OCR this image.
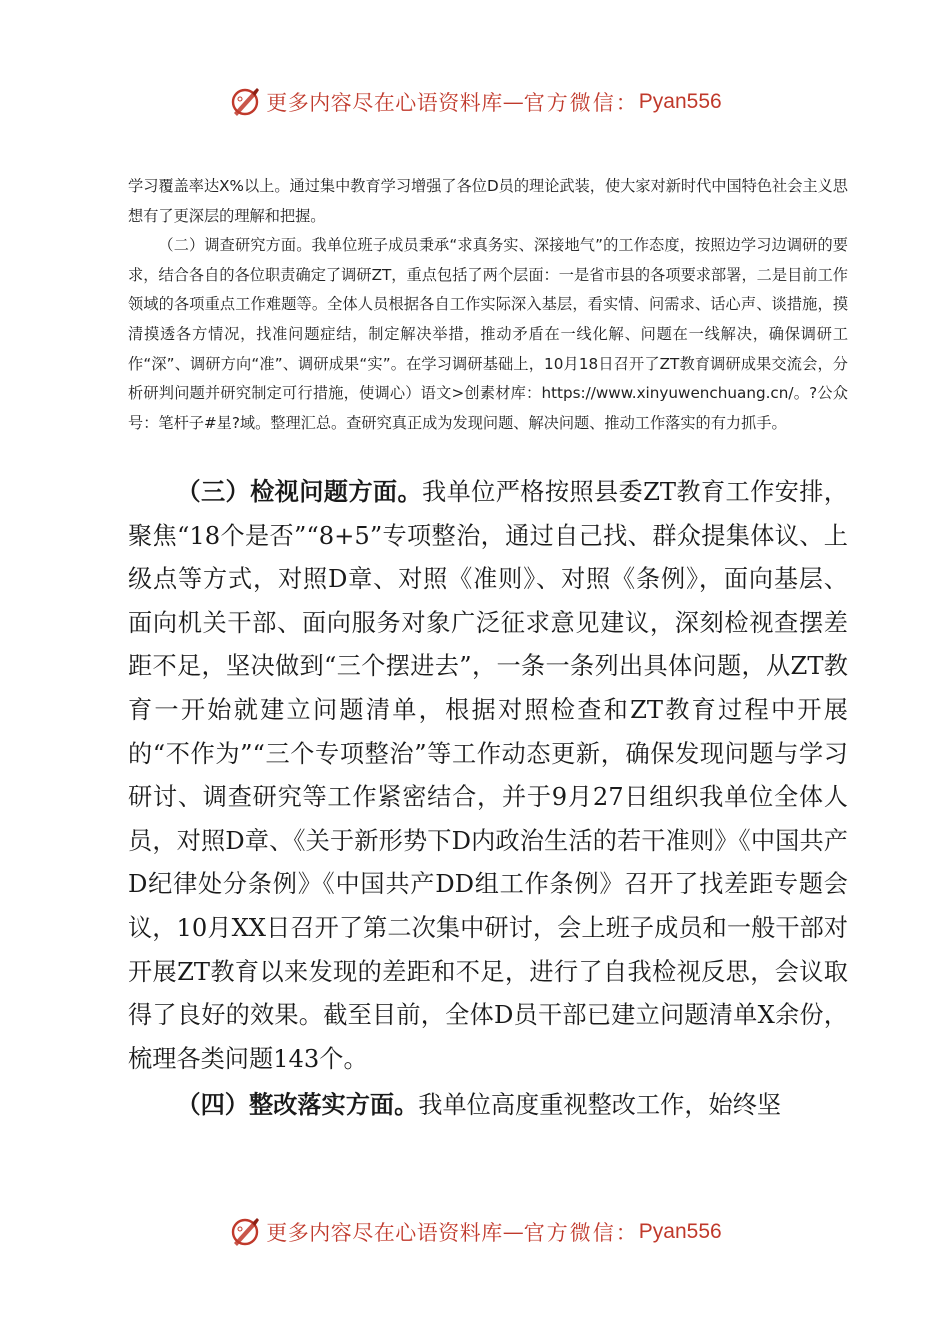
更多内容尽在心语资料库 — 官方微信： Pyan556

学习覆盖率达X%以上。通过集中教育学习增强了各位D员的理论武装，使大家对新时代中国特色社会主义思想有了更深层的理解和把握。

（二）调查研究方面。我单位班子成员秉承“求真务实、深接地气”的工作态度，按照边学习边调研的要求，结合各自的各位职责确定了调研ZT，重点包括了两个层面：一是省市县的各项要求部署，二是目前工作领域的各项重点工作难题等。全体人员根据各自工作实际深入基层，看实情、问需求、话心声、谈措施，摸清摸透各方情况，找准问题症结，制定解决举措，推动矛盾在一线化解、问题在一线解决，确保调研工作“深”、调研方向“准”、调研成果“实”。在学习调研基础上，10月18日召开了ZT教育调研成果交流会，分析研判问题并研究制定可行措施，使调心）语文>创素材库：https://www.xinyuwenchuang.cn/。?公众号：笔杆子#星?域。整理汇总。查研究真正成为发现问题、解决问题、推动工作落实的有力抓手。

（三）检视问题方面。我单位严格按照县委ZT教育工作安排，聚焦“18个是否”“8+5”专项整治，通过自己找、群众提集体议、上级点等方式，对照D章、对照《准则》、对照《条例》，面向基层、面向机关干部、面向服务对象广泛征求意见建议，深刻检视查摆差距不足，坚决做到“三个摆进去”，一条一条列出具体问题，从ZT教育一开始就建立问题清单，根据对照检查和ZT教育过程中开展的“不作为”“三个专项整治”等工作动态更新，确保发现问题与学习研讨、调查研究等工作紧密结合，并于9月27日组织我单位全体人员，对照D章、《关于新形势下D内政治生活的若干准则》《中国共产D纪律处分条例》《中国共产DD组工作条例》召开了找差距专题会议，10月XX日召开了第二次集中研讨，会上班子成员和一般干部对开展ZT教育以来发现的差距和不足，进行了自我检视反思，会议取得了良好的效果。截至目前，全体D员干部已建立问题清单X余份，梳理各类问题143个。

（四）整改落实方面。我单位高度重视整改工作，始终坚

更多内容尽在心语资料库 — 官方微信： Pyan556
